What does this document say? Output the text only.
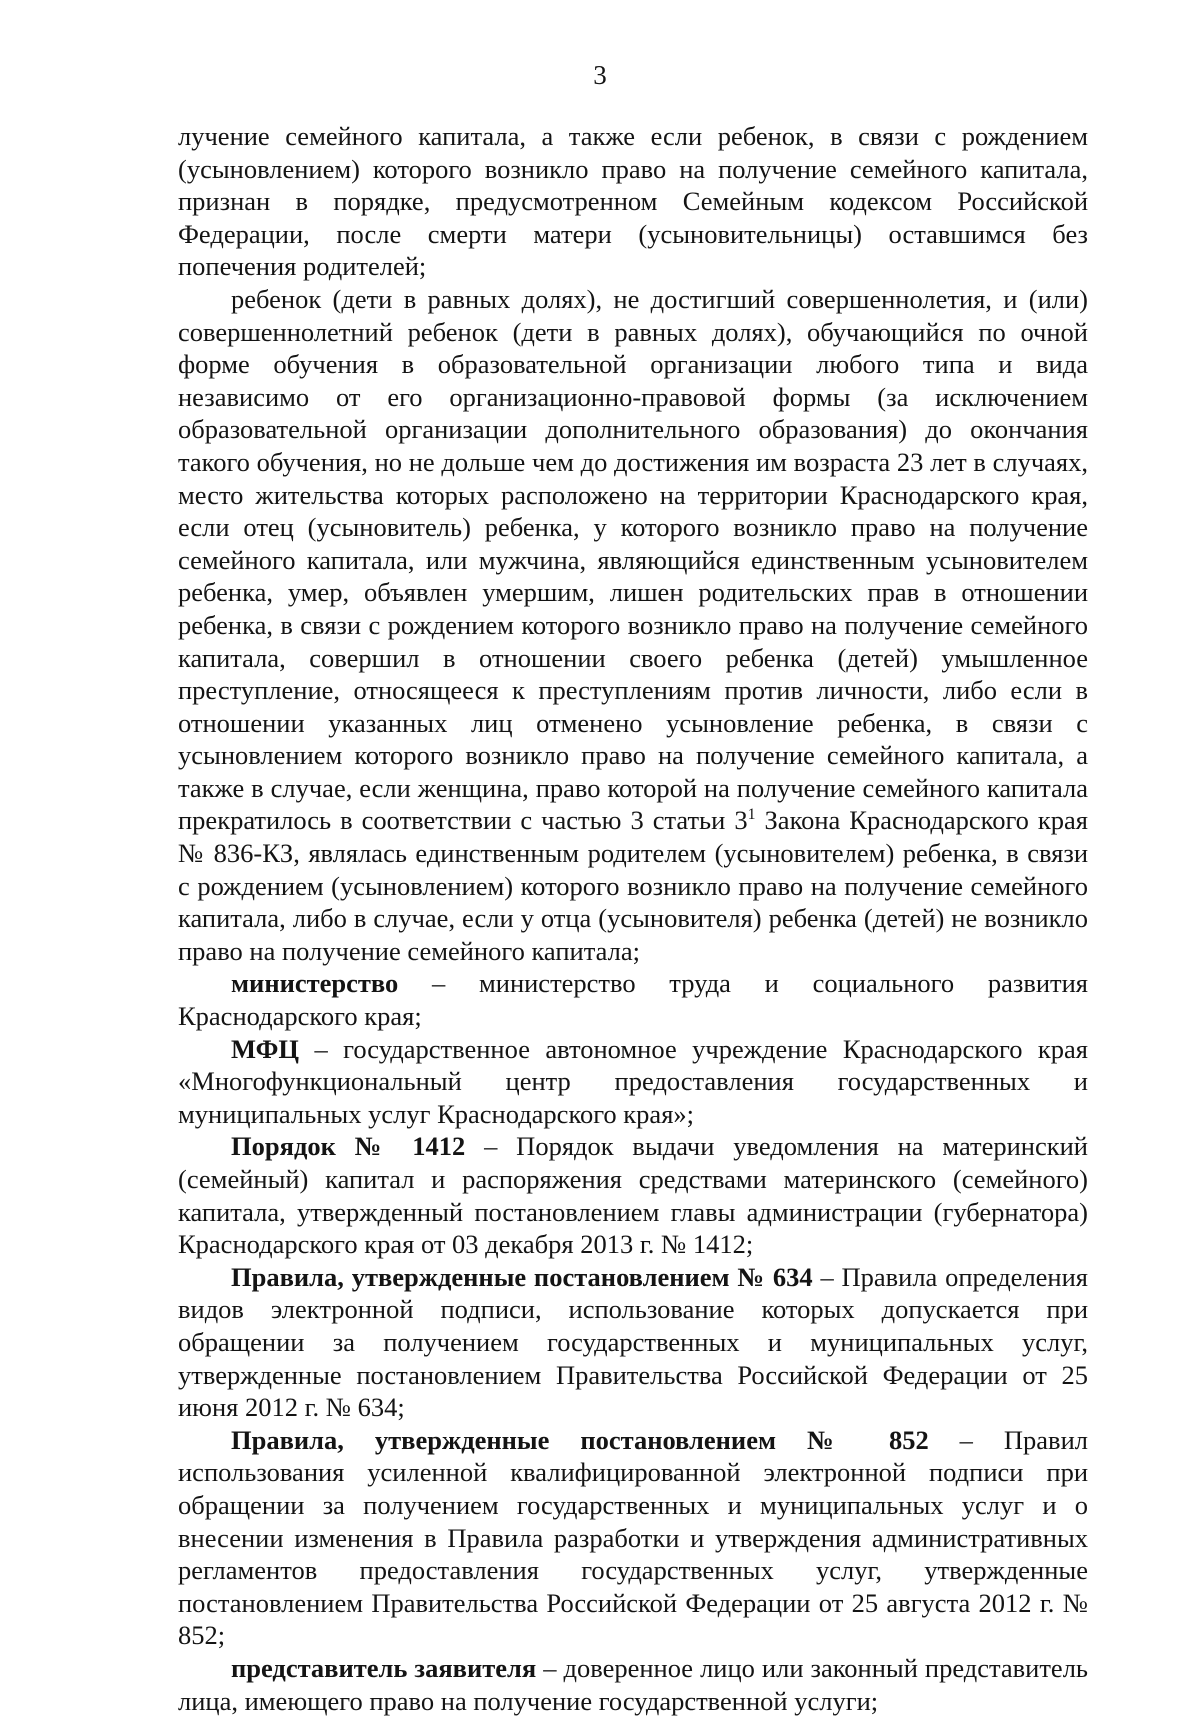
3

лучение семейного капитала, а также если ребенок, в связи с рождением (усыновлением) которого возникло право на получение семейного капитала, признан в порядке, предусмотренном Семейным кодексом Российской Федерации, после смерти матери (усыновительницы) оставшимся без попечения родителей;

ребенок (дети в равных долях), не достигший совершеннолетия, и (или) совершеннолетний ребенок (дети в равных долях), обучающийся по очной форме обучения в образовательной организации любого типа и вида независимо от его организационно-правовой формы (за исключением образовательной организации дополнительного образования) до окончания такого обучения, но не дольше чем до достижения им возраста 23 лет в случаях, место жительства которых расположено на территории Краснодарского края, если отец (усыновитель) ребенка, у которого возникло право на получение семейного капитала, или мужчина, являющийся единственным усыновителем ребенка, умер, объявлен умершим, лишен родительских прав в отношении ребенка, в связи с рождением которого возникло право на получение семейного капитала, совершил в отношении своего ребенка (детей) умышленное преступление, относящееся к преступлениям против личности, либо если в отношении указанных лиц отменено усыновление ребенка, в связи с усыновлением которого возникло право на получение семейного капитала, а также в случае, если женщина, право которой на получение семейного капитала прекратилось в соответствии с частью 3 статьи $3^1$ Закона Краснодарского края № 836-КЗ, являлась единственным родителем (усыновителем) ребенка, в связи с рождением (усыновлением) которого возникло право на получение семейного капитала, либо в случае, если у отца (усыновителя) ребенка (детей) не возникло право на получение семейного капитала;

министерство – министерство труда и социального развития Краснодарского края;

МФЦ – государственное автономное учреждение Краснодарского края «Многофункциональный центр предоставления государственных и муниципальных услуг Краснодарского края»;

Порядок № 1412 – Порядок выдачи уведомления на материнский (семейный) капитал и распоряжения средствами материнского (семейного) капитала, утвержденный постановлением главы администрации (губернатора) Краснодарского края от 03 декабря 2013 г. № 1412;

Правила, утвержденные постановлением № 634 – Правила определения видов электронной подписи, использование которых допускается при обращении за получением государственных и муниципальных услуг, утвержденные постановлением Правительства Российской Федерации от 25 июня 2012 г. № 634;

Правила, утвержденные постановлением № 852 – Правил использования усиленной квалифицированной электронной подписи при обращении за получением государственных и муниципальных услуг и о внесении изменения в Правила разработки и утверждения административных регламентов предоставления государственных услуг, утвержденные постановлением Правительства Российской Федерации от 25 августа 2012 г. № 852;

представитель заявителя – доверенное лицо или законный представитель лица, имеющего право на получение государственной услуги;
